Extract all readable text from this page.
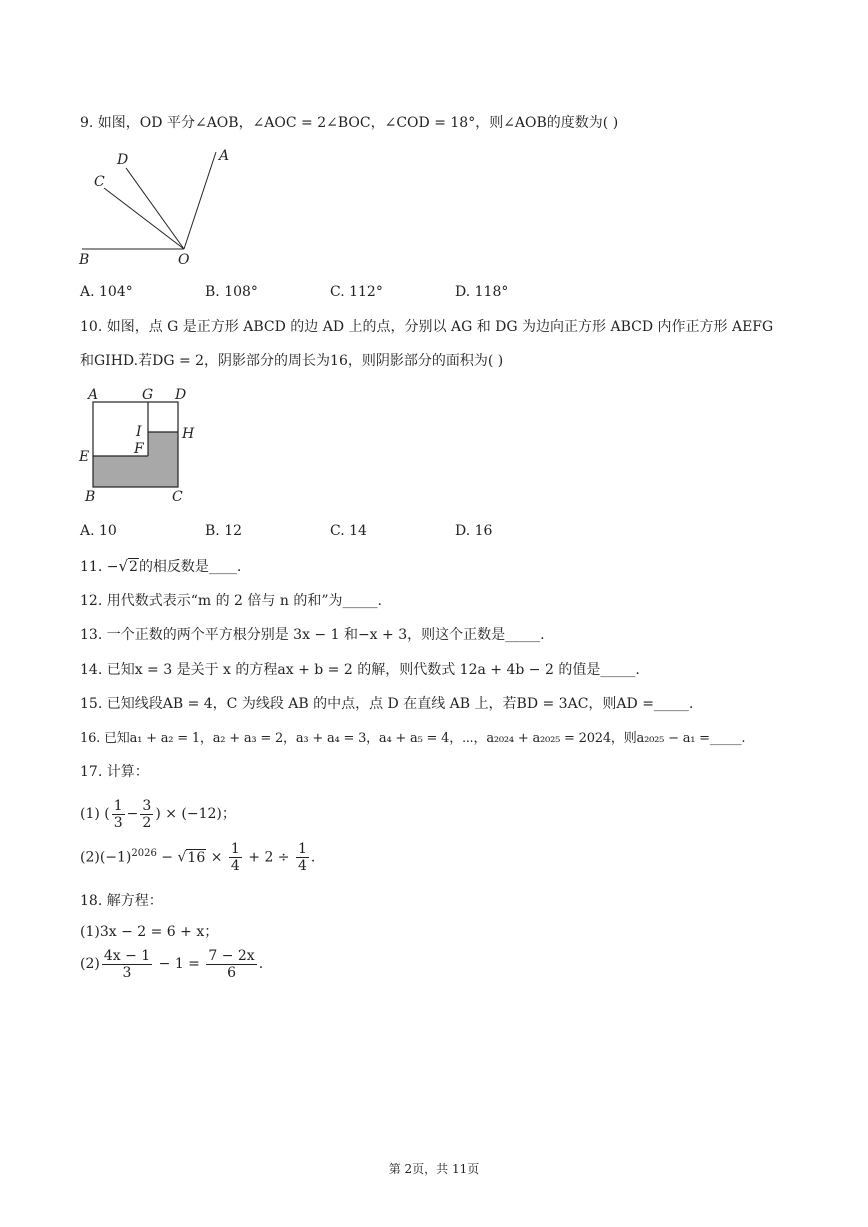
9. 如图，OD 平分∠AOB，∠AOC = 2∠BOC，∠COD = 18°，则∠AOB的度数为( )
A
D
C
B	O
A. 104°	B. 108°	C. 112°	D. 118°
10. 如图，点 G 是正方形 ABCD 的边 AD 上的点，分别以 AG 和 DG 为边向正方形 ABCD 内作正方形 AEFG
和GIHD.若DG = 2，阴影部分的周长为16，则阴影部分的面积为( )
A	G D
I	H
F
E
B	C
A. 10	B. 12	C. 14	D. 16
11. −√2的相反数是____.
12. 用代数式表示“m 的 2 倍与 n 的和”为_____.
13. 一个正数的两个平方根分别是 3x − 1 和−x + 3，则这个正数是_____.
14. 已知x = 3 是关于 x 的方程ax + b = 2 的解，则代数式 12a + 4b − 2 的值是_____.
15. 已知线段AB = 4，C 为线段 AB 的中点，点 D 在直线 AB 上，若BD = 3AC，则AD =_____.
16. 已知a₁ + a₂ = 1，a₂ + a₃ = 2，a₃ + a₄ = 3，a₄ + a₅ = 4，⋯，a₂₀₂₄ + a₂₀₂₅ = 2024，则a₂₀₂₅ − a₁ =_____.
17. 计算：
(1) ( $\frac{1}{3} - \frac{3}{2}$ ) × (−12)；
$(2)(-1)^{2026} - √16 \times \frac{1}{4} + 2 \div \frac{1}{4}$ .
18. 解方程：
(1)3x − 2 = 6 + x；
$(2) \frac{4x - 1}{3} - 1 = \frac{7 - 2x}{6}$ .
第 2页，共 11页
